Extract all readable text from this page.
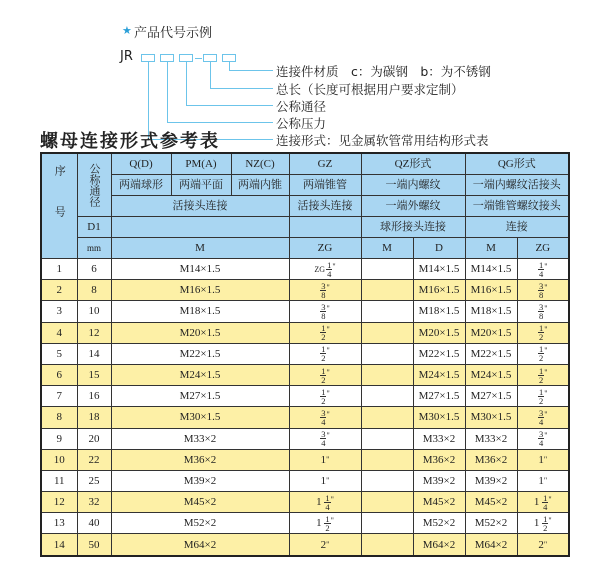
★ 产品代号示例
JR
连接件材质　c：为碳钢　b：为不锈钢
总长（长度可根据用户要求定制）
公称通径
公称压力
连接形式：见金属软管常用结构形式表
序号	公称通径	Q(D)	PM(A)	NZ(C)	GZ	QZ形式		QG形式	
		两端球形	两端平面	两端内锥	两端锥管	一端内螺纹		一端内螺纹活接头	
		活接头连接			活接头连接	一端外螺纹		一端锥管螺纹接头	
	D1					球形接头连接		连接	
	mm	M			ZG	M	D	M	ZG
1	6	M14×1.5			ZG $\frac{1}{4} ^"$		M14×1.5	M14×1.5	$\frac{1}{4} ^"$
2	8	M16×1.5			$\frac{3}{8} ^"$		M16×1.5	M16×1.5	$\frac{3}{8} ^"$
3	10	M18×1.5			$\frac{3}{8} ^"$		M18×1.5	M18×1.5	$\frac{3}{8} ^"$
4	12	M20×1.5			$\frac{1}{2} ^"$		M20×1.5	M20×1.5	$\frac{1}{2} ^"$
5	14	M22×1.5			$\frac{1}{2} ^"$		M22×1.5	M22×1.5	$\frac{1}{2} ^"$
6	15	M24×1.5			$\frac{1}{2} ^"$		M24×1.5	M24×1.5	$\frac{1}{2} ^"$
7	16	M27×1.5			$\frac{1}{2} ^"$		M27×1.5	M27×1.5	$\frac{1}{2} ^"$
8	18	M30×1.5			$\frac{3}{4} ^"$		M30×1.5	M30×1.5	$\frac{3}{4} ^"$
9	20	M33×2			$\frac{3}{4} ^"$		M33×2	M33×2	$\frac{3}{4} ^"$
10	22	M36×2			1"		M36×2	M36×2	1"
11	25	M39×2			1"		M39×2	M39×2	1"
12	32	M45×2			$1 \frac{1}{4} ^"$		M45×2	M45×2	$1 \frac{1}{4} ^"$
13	40	M52×2			$1 \frac{1}{2} ^"$		M52×2	M52×2	$1 \frac{1}{2} ^"$
14	50	M64×2			2"		M64×2	M64×2	2"
螺母连接形式参考表
